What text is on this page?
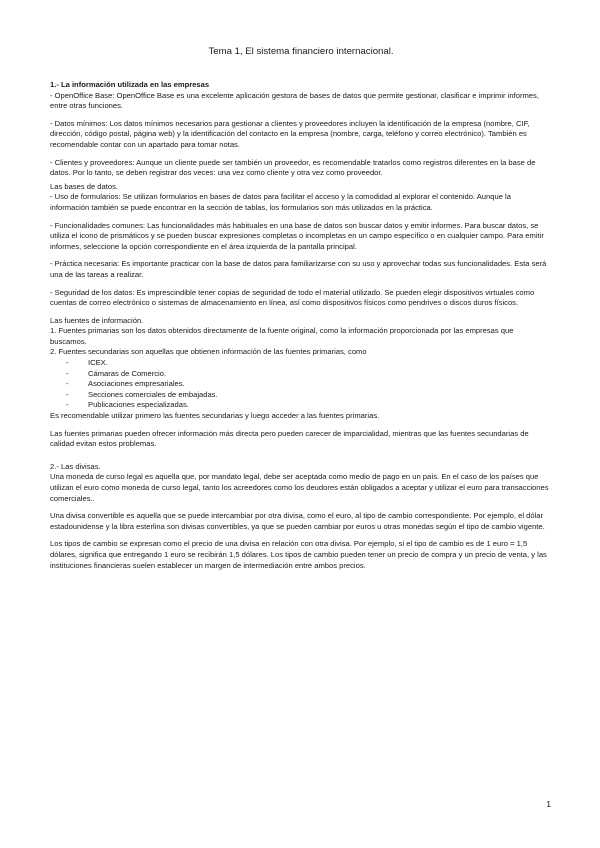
Tema 1, El sistema financiero internacional.
1.- La información utilizada en las empresas

- OpenOffice Base: OpenOffice Base es una excelente aplicación gestora de bases de datos que permite gestionar, clasificar e imprimir informes, entre otras funciones.

- Datos mínimos: Los datos mínimos necesarios para gestionar a clientes y proveedores incluyen la identificación de la empresa (nombre, CIF, dirección, código postal, página web) y la identificación del contacto en la empresa (nombre, carga, teléfono y correo electrónico). También es recomendable contar con un apartado para tomar notas.

- Clientes y proveedores: Aunque un cliente puede ser también un proveedor, es recomendable tratarlos como registros diferentes en la base de datos. Por lo tanto, se deben registrar dos veces: una vez como cliente y otra vez como proveedor.

Las bases de datos.

- Uso de formularios: Se utilizan formularios en bases de datos para facilitar el acceso y la comodidad al explorar el contenido. Aunque la información también se puede encontrar en la sección de tablas, los formularios son más utilizados en la práctica.

- Funcionalidades comunes: Las funcionalidades más habituales en una base de datos son buscar datos y emitir informes. Para buscar datos, se utiliza el icono de prismáticos y se pueden buscar expresiones completas o incompletas en un campo específico o en cualquier campo. Para emitir informes, seleccione la opción correspondiente en el área izquierda de la pantalla principal.

- Práctica necesaria: Es importante practicar con la base de datos para familiarizarse con su uso y aprovechar todas sus funcionalidades. Esta será una de las tareas a realizar.

- Seguridad de los datos: Es imprescindible tener copias de seguridad de todo el material utilizado. Se pueden elegir dispositivos virtuales como cuentas de correo electrónico o sistemas de almacenamiento en línea, así como dispositivos físicos como pendrives o discos duros físicos.

Las fuentes de información.
1. Fuentes primarias son los datos obtenidos directamente de la fuente original, como la información proporcionada por las empresas que buscamos.
2. Fuentes secundarias son aquellas que obtienen información de las fuentes primarias, como
- ICEX.
- Cámaras de Comercio.
- Asociaciones empresariales.
- Secciones comerciales de embajadas.
- Publicaciones especializadas.

Es recomendable utilizar primero las fuentes secundarias y luego acceder a las fuentes primarias.

Las fuentes primarias pueden ofrecer información más directa pero pueden carecer de imparcialidad, mientras que las fuentes secundarias de calidad evitan estos problemas.

2.- Las divisas.

Una moneda de curso legal es aquella que, por mandato legal, debe ser aceptada como medio de pago en un país. En el caso de los países que utilizan el euro como moneda de curso legal, tanto los acreedores como los deudores están obligados a aceptar y utilizar el euro para transacciones comerciales..

Una divisa convertible es aquella que se puede intercambiar por otra divisa, como el euro, al tipo de cambio correspondiente. Por ejemplo, el dólar estadounidense y la libra esterlina son divisas convertibles, ya que se pueden cambiar por euros u otras monedas según el tipo de cambio vigente.

Los tipos de cambio se expresan como el precio de una divisa en relación con otra divisa. Por ejemplo, si el tipo de cambio es de 1 euro = 1,5 dólares, significa que entregando 1 euro se recibirán 1,5 dólares. Los tipos de cambio pueden tener un precio de compra y un precio de venta, y las instituciones financieras suelen establecer un margen de intermediación entre ambos precios.

1
